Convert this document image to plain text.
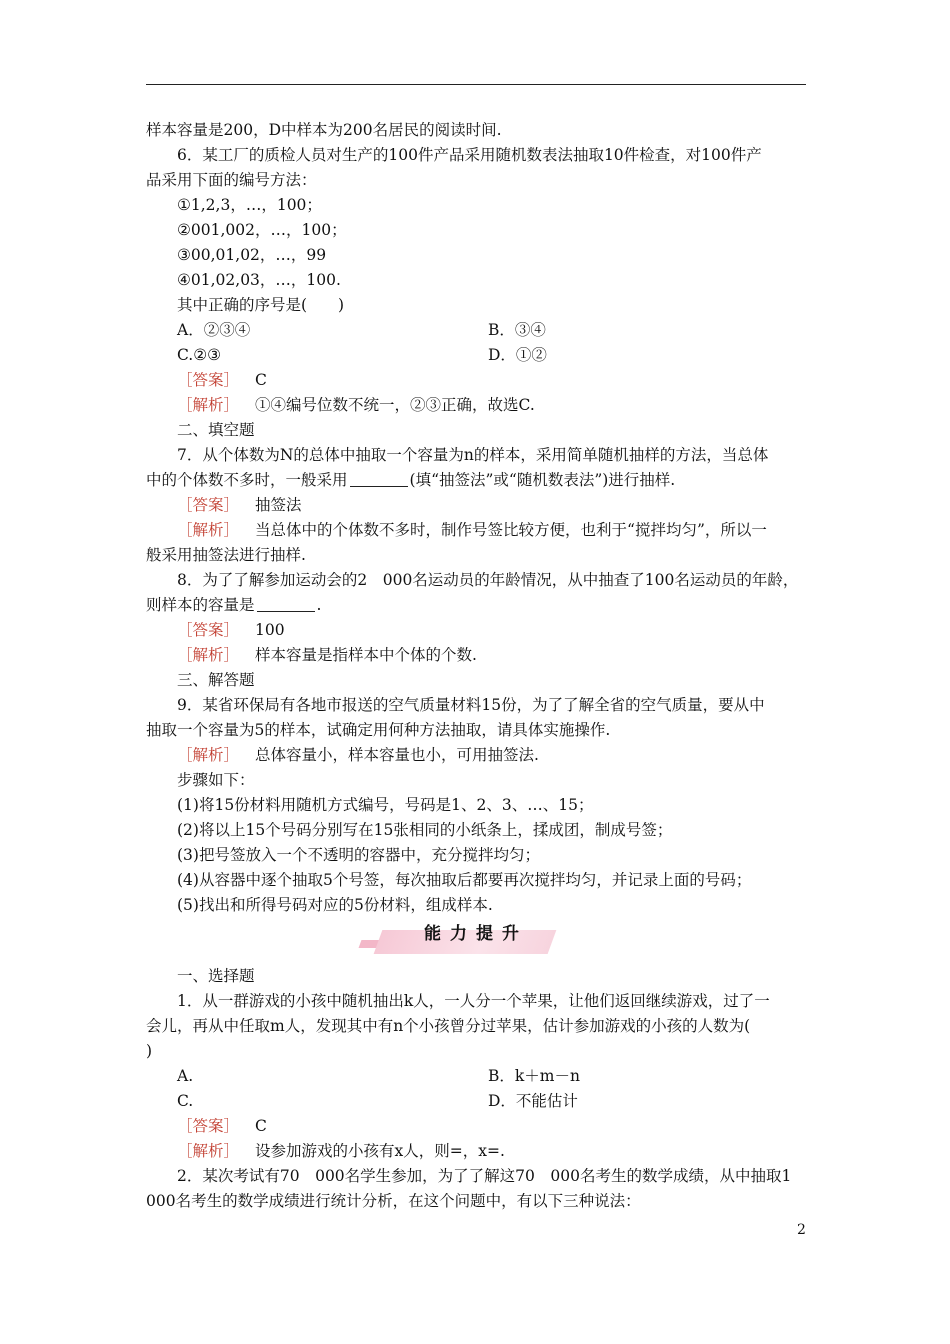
样本容量是200，D中样本为200名居民的阅读时间.
6．某工厂的质检人员对生产的100件产品采用随机数表法抽取10件检查，对100件产
品采用下面的编号方法：
①1,2,3，…，100；
②001,002，…，100；
③00,01,02，…，99
④01,02,03，…，100.
其中正确的序号是(　　)
A．②③④	B．③④
C.②③	D．①②
［答案］ C
［解析］ ①④编号位数不统一，②③正确，故选C.
二、填空题
7．从个体数为N的总体中抽取一个容量为n的样本，采用简单随机抽样的方法，当总体
中的个体数不多时，一般采用	(填“抽签法”或“随机数表法”)进行抽样.
［答案］ 抽签法
［解析］ 当总体中的个体数不多时，制作号签比较方便，也利于“搅拌均匀”，所以一
般采用抽签法进行抽样.
8．为了了解参加运动会的2　000名运动员的年龄情况，从中抽查了100名运动员的年龄，
则样本的容量是	.
［答案］ 100
［解析］ 样本容量是指样本中个体的个数.
三、解答题
9．某省环保局有各地市报送的空气质量材料15份，为了了解全省的空气质量，要从中
抽取一个容量为5的样本，试确定用何种方法抽取，请具体实施操作.
［解析］ 总体容量小，样本容量也小，可用抽签法.
步骤如下：
(1)将15份材料用随机方式编号，号码是1、2、3、…、15；
(2)将以上15个号码分别写在15张相同的小纸条上，揉成团，制成号签；
(3)把号签放入一个不透明的容器中，充分搅拌均匀；
(4)从容器中逐个抽取5个号签，每次抽取后都要再次搅拌均匀，并记录上面的号码；
(5)找出和所得号码对应的5份材料，组成样本.
能力提升
一、选择题
1．从一群游戏的小孩中随机抽出k人，一人分一个苹果，让他们返回继续游戏，过了一
会儿，再从中任取m人，发现其中有n个小孩曾分过苹果，估计参加游戏的小孩的人数为(
)
A.	B．k＋m－n
C.	D．不能估计
［答案］ C
［解析］ 设参加游戏的小孩有x人，则=，x=.
2．某次考试有70　000名学生参加，为了了解这70　000名考生的数学成绩，从中抽取1
000名考生的数学成绩进行统计分析，在这个问题中，有以下三种说法：
2
